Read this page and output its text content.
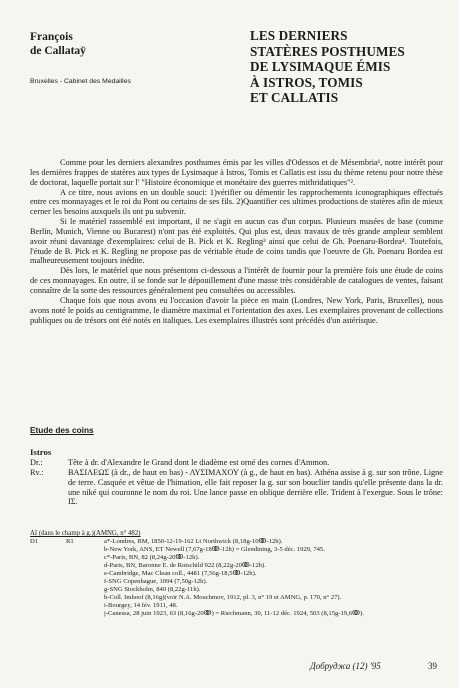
François
de Callataÿ
Bruxelles - Cabinet des Medailles
LES DERNIERS
STATÈRES POSTHUMES
DE LYSIMAQUE ÉMIS
À ISTROS, TOMIS
ET CALLATIS

Comme pour les derniers alexandres posthumes émis par les villes d'Odessos et de Mésembria¹, notre intérêt pour les dernières frappes de statères aux types de Lysimaque à Istros, Tomis et Callatis est issu du thème retenu pour notre thèse de doctorat, laquelle portait sur l' "Histoire économique et monétaire des guerres mithridatiques"².

A ce titre, nous avions en un double souci: 1)vérifier ou démentir les rapprochements iconographiques effectués entre ces monnayages et le roi du Pont ou certains de ses fils. 2)Quantifier ces ultimes productions de statères afin de mieux cerner les besoins auxquels ils ont pu subvenir.

Si le matériel rassemblé est important, il ne s'agit en aucun cas d'un corpus. Plusieurs musées de base (comme Berlin, Munich, Vienne ou Bucarest) n'ont pas été exploités. Qui plus est, deux travaux de très grande ampleur semblent avoir réuni davantage d'exemplaires: celui de B. Pick et K. Regling³ ainsi que celui de Gh. Poenaru-Bordea⁴. Toutefois, l'étude de B. Pick et K. Regling ne propose pas de véritable étude de coins tandis que l'oeuvre de Gh. Poenaru Bordea est malheureusement toujours inédite.

Dès lors, le matériel que nous présentons ci-dessous a l'intérêt de fournir pour la première fois une étude de coins de ces monnayages. En outre, il se fonde sur le dépouillement d'une masse très considérable de catalogues de ventes, faisant connaître de la sorte des ressources généralement peu consultées ou accessibles.

Chaque fois que nous avons eu l'occasion d'avoir la pièce en main (Londres, New York, Paris, Bruxelles), nous avons noté le poids au centigramme, le diamètre maximal et l'orientation des axes. Les exemplaires provenant de collections publiques ou de trésors ont été notés en italiques. Les exemplaires illustrés sont précédés d'un astérisque.

Etude des coins
Istros
Dr.:	Tête à dr. d'Alexandre le Grand dont le diadème est orné des cornes d'Ammon.
Rv.:	ΒΑΣΙΛΕΩΣ (à dr., de haut en bas) - ΛΥΣΙΜΑΧΟΥ (à g., de haut en bas). Athéna assise à g. sur son trône. Ligne de terre. Casquée et vêtue de l'himation, elle fait reposer la g. sur son bouclier tandis qu'elle présente dans la dr. une niké qui couronne le nom du roi. Une lance passe en oblique derrière elle. Trident à l'exergue. Sous le trône: ΙΣ.
AI (dans le champ à g.)(AMNG, n° 482)
D1	R1	a*-Londres, BM, 1850-12-19-162 Lt Northwick (8,18g-10ↂ-12h).
b-New York, ANS, ET Newell (7,67g-18ↂ-12h) = Glendining, 3-5 déc. 1929, 745.
c*-Paris, BN, 82 (8,24g-20ↂ-12h).
d-Paris, BN, Baronne E. de Rotschild 922 (8,22g-20ↂ-12h).
e-Cambridge, Mac Clean coll., 4481 (7,56g-18,5ↂ-12h).
f-SNG Copenhague, 1094 (7,50g-12h).
g-SNG Stockholm, 840 (8,22g-11h).
h-Coll. Imhoof (8,16g)(voir N.A. Mouchmov, 1912, pl. 3, n° 19 et AMNG, p. 170, n° 27).
i-Bourgey, 14 fév. 1911, 48.
j-Canessa, 28 juin 1923, 63 (8,16g-20ↂ) = Riechmann, 30, 11-12 déc. 1924, 503 (8,15g-19,6ↂ).
Добруджа (12) '95	39
